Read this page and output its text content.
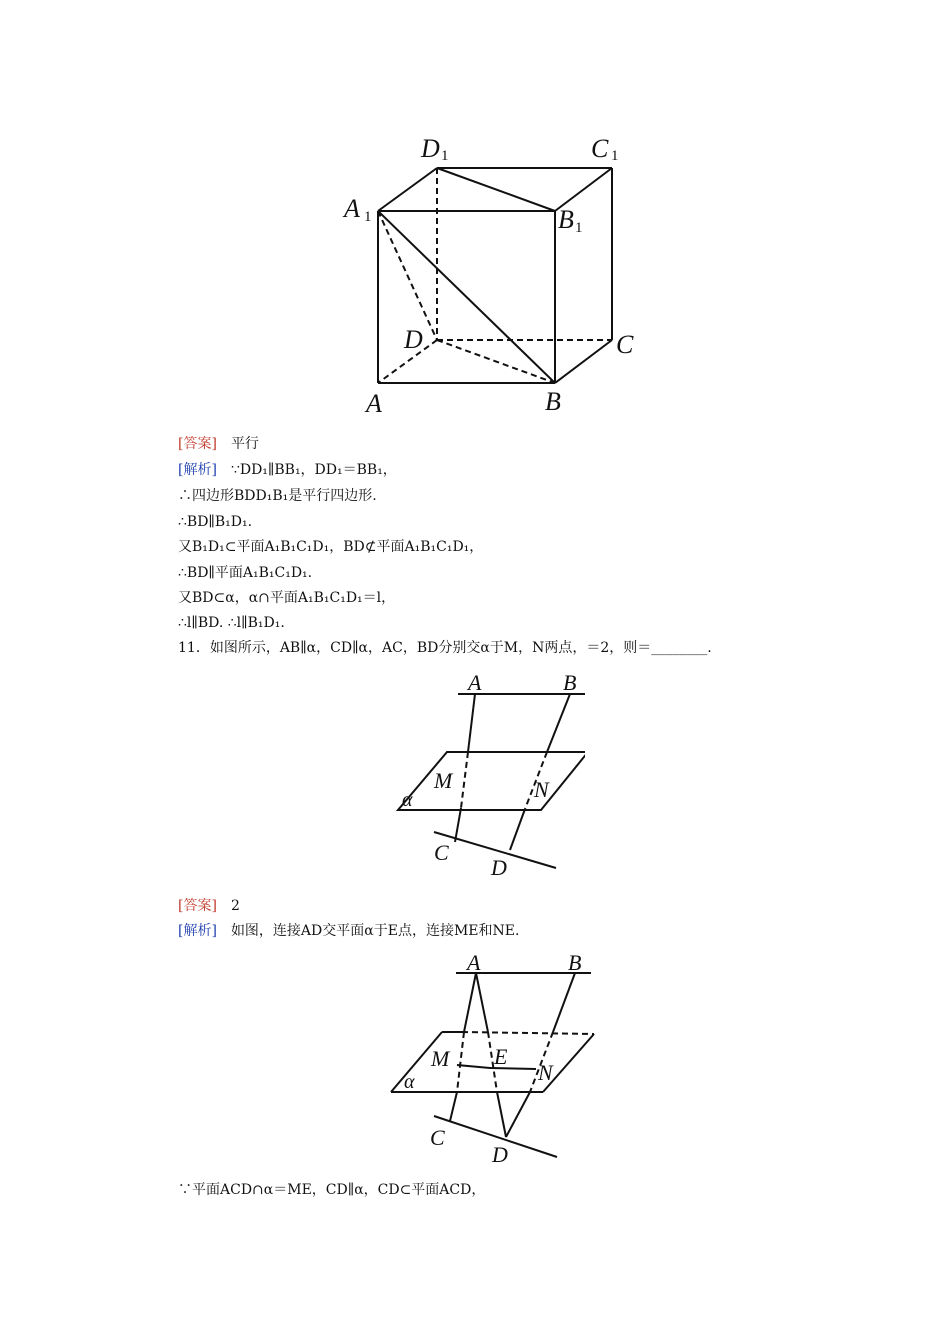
D 1	C 1
A 1	B 1
D	C
A	B
[答案] 平行
[解析] ∵DD₁∥BB₁，DD₁＝BB₁，
∴四边形BDD₁B₁是平行四边形.
∴BD∥B₁D₁.
又B₁D₁⊂平面A₁B₁C₁D₁，BD⊄平面A₁B₁C₁D₁，
∴BD∥平面A₁B₁C₁D₁.
又BD⊂α，α∩平面A₁B₁C₁D₁＝l，
∴l∥BD. ∴l∥B₁D₁.
11．如图所示，AB∥α，CD∥α，AC，BD分别交α于M，N两点，＝2，则＝________.
A	B
M	N
α
C
D
[答案] 2
[解析] 如图，连接AD交平面α于E点，连接ME和NE.
A	B
M E
N
α
C
D
∵平面ACD∩α＝ME，CD∥α，CD⊂平面ACD，
